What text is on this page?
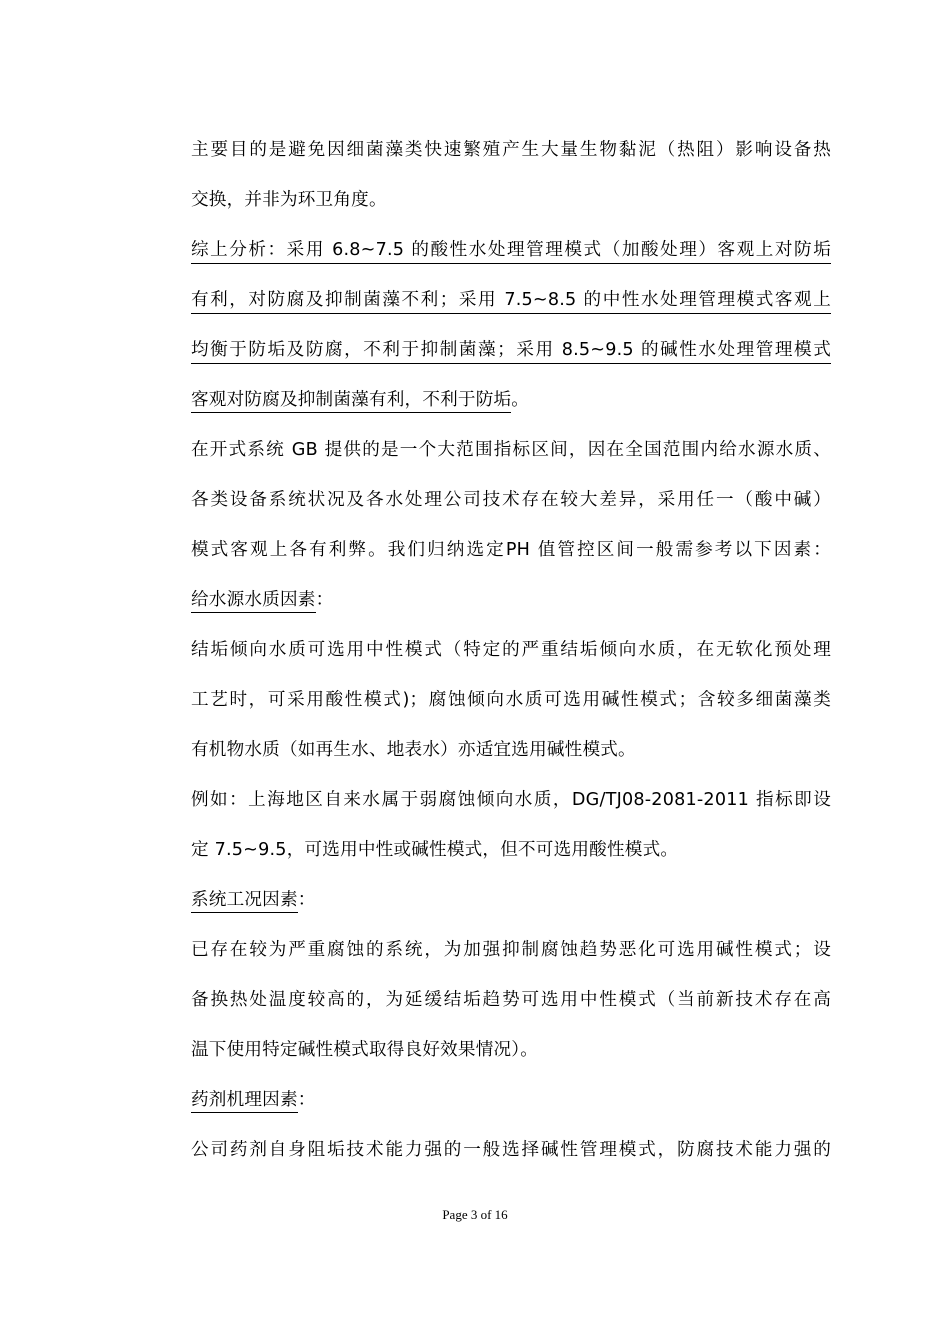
主要目的是避免因细菌藻类快速繁殖产生大量生物黏泥（热阻）影响设备热
交换，并非为环卫角度。
综上分析：采用 6.8~7.5 的酸性水处理管理模式（加酸处理）客观上对防垢
有利，对防腐及抑制菌藻不利；采用 7.5~8.5 的中性水处理管理模式客观上
均衡于防垢及防腐，不利于抑制菌藻；采用 8.5~9.5 的碱性水处理管理模式
客观对防腐及抑制菌藻有利，不利于防垢。
在开式系统 GB 提供的是一个大范围指标区间，因在全国范围内给水源水质、
各类设备系统状况及各水处理公司技术存在较大差异，采用任一（酸中碱）
模式客观上各有利弊。我们归纳选定PH 值管控区间一般需参考以下因素：
给水源水质因素：
结垢倾向水质可选用中性模式（特定的严重结垢倾向水质，在无软化预处理
工艺时，可采用酸性模式)；腐蚀倾向水质可选用碱性模式；含较多细菌藻类
有机物水质（如再生水、地表水）亦适宜选用碱性模式。
例如：上海地区自来水属于弱腐蚀倾向水质，DG/TJ08-2081-2011 指标即设
定 7.5~9.5，可选用中性或碱性模式，但不可选用酸性模式。
系统工况因素：
已存在较为严重腐蚀的系统，为加强抑制腐蚀趋势恶化可选用碱性模式；设
备换热处温度较高的，为延缓结垢趋势可选用中性模式（当前新技术存在高
温下使用特定碱性模式取得良好效果情况）。
药剂机理因素：
公司药剂自身阻垢技术能力强的一般选择碱性管理模式，防腐技术能力强的
Page 3 of 16
